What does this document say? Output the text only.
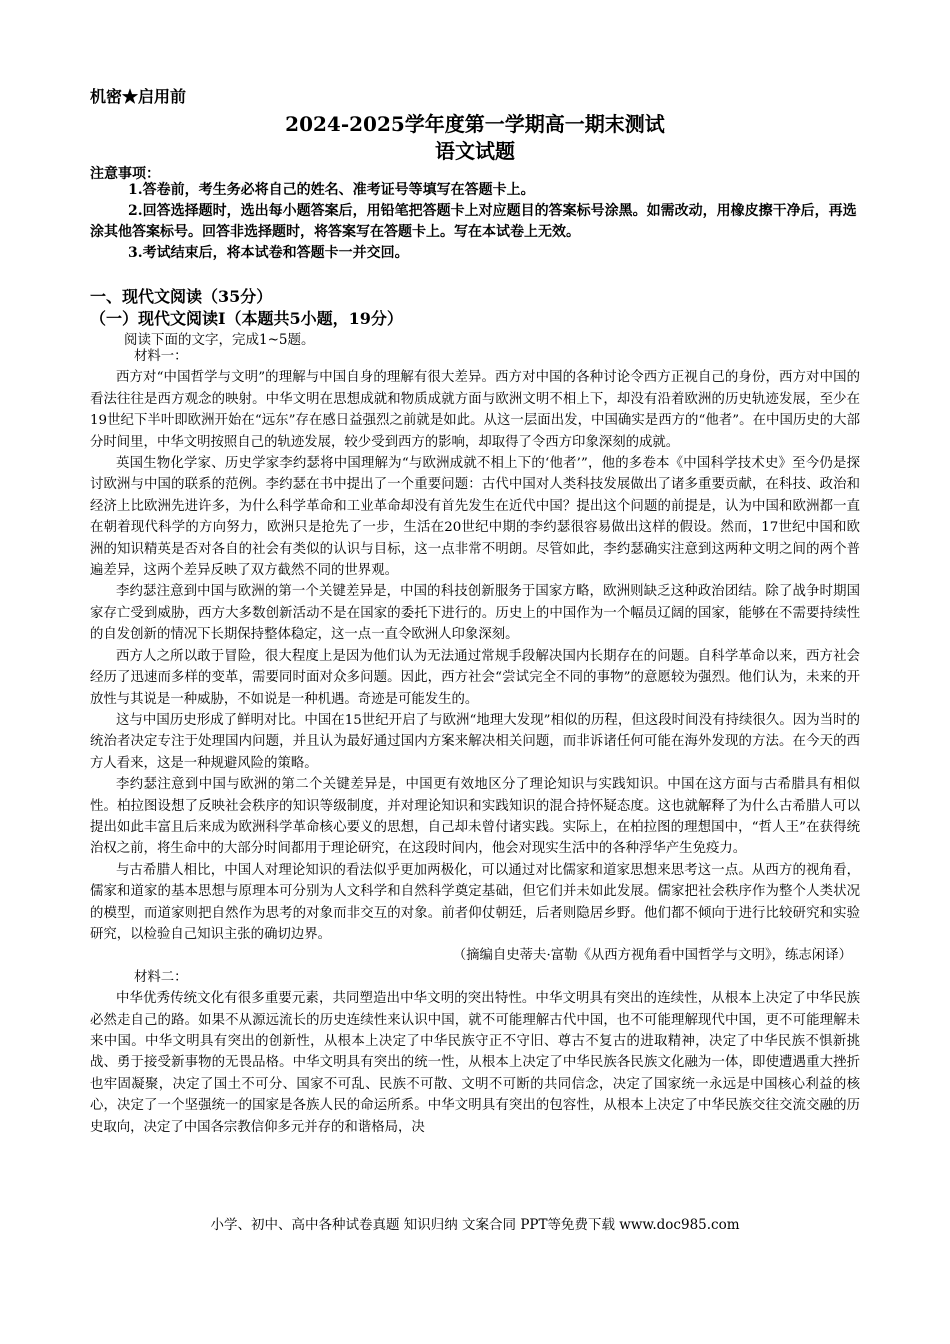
机密★启用前
2024-2025学年度第一学期高一期末测试
语文试题
注意事项：

1.答卷前，考生务必将自己的姓名、准考证号等填写在答题卡上。

2.回答选择题时，选出每小题答案后，用铅笔把答题卡上对应题目的答案标号涂黑。如需改动，用橡皮擦干净后，再选涂其他答案标号。回答非选择题时，将答案写在答题卡上。写在本试卷上无效。

3.考试结束后，将本试卷和答题卡一并交回。

一、现代文阅读（35分）
（一）现代文阅读Ⅰ（本题共5小题，19分）
阅读下面的文字，完成1~5题。

材料一：

西方对“中国哲学与文明”的理解与中国自身的理解有很大差异。西方对中国的各种讨论令西方正视自己的身份，西方对中国的看法往往是西方观念的映射。中华文明在思想成就和物质成就方面与欧洲文明不相上下，却没有沿着欧洲的历史轨迹发展，至少在19世纪下半叶即欧洲开始在“远东”存在感日益强烈之前就是如此。从这一层面出发，中国确实是西方的“他者”。在中国历史的大部分时间里，中华文明按照自己的轨迹发展，较少受到西方的影响，却取得了令西方印象深刻的成就。

英国生物化学家、历史学家李约瑟将中国理解为“与欧洲成就不相上下的‘他者’”，他的多卷本《中国科学技术史》至今仍是探讨欧洲与中国的联系的范例。李约瑟在书中提出了一个重要问题：古代中国对人类科技发展做出了诸多重要贡献，在科技、政治和经济上比欧洲先进许多，为什么科学革命和工业革命却没有首先发生在近代中国？提出这个问题的前提是，认为中国和欧洲都一直在朝着现代科学的方向努力，欧洲只是抢先了一步，生活在20世纪中期的李约瑟很容易做出这样的假设。然而，17世纪中国和欧洲的知识精英是否对各自的社会有类似的认识与目标，这一点非常不明朗。尽管如此，李约瑟确实注意到这两种文明之间的两个普遍差异，这两个差异反映了双方截然不同的世界观。

李约瑟注意到中国与欧洲的第一个关键差异是，中国的科技创新服务于国家方略，欧洲则缺乏这种政治团结。除了战争时期国家存亡受到威胁，西方大多数创新活动不是在国家的委托下进行的。历史上的中国作为一个幅员辽阔的国家，能够在不需要持续性的自发创新的情况下长期保持整体稳定，这一点一直令欧洲人印象深刻。

西方人之所以敢于冒险，很大程度上是因为他们认为无法通过常规手段解决国内长期存在的问题。自科学革命以来，西方社会经历了迅速而多样的变革，需要同时面对众多问题。因此，西方社会“尝试完全不同的事物”的意愿较为强烈。他们认为，未来的开放性与其说是一种威胁，不如说是一种机遇。奇迹是可能发生的。

这与中国历史形成了鲜明对比。中国在15世纪开启了与欧洲“地理大发现”相似的历程，但这段时间没有持续很久。因为当时的统治者决定专注于处理国内问题，并且认为最好通过国内方案来解决相关问题，而非诉诸任何可能在海外发现的方法。在今天的西方人看来，这是一种规避风险的策略。

李约瑟注意到中国与欧洲的第二个关键差异是，中国更有效地区分了理论知识与实践知识。中国在这方面与古希腊具有相似性。柏拉图设想了反映社会秩序的知识等级制度，并对理论知识和实践知识的混合持怀疑态度。这也就解释了为什么古希腊人可以提出如此丰富且后来成为欧洲科学革命核心要义的思想，自己却未曾付诸实践。实际上，在柏拉图的理想国中，“哲人王”在获得统治权之前，将生命中的大部分时间都用于理论研究，在这段时间内，他会对现实生活中的各种浮华产生免疫力。

与古希腊人相比，中国人对理论知识的看法似乎更加两极化，可以通过对比儒家和道家思想来思考这一点。从西方的视角看，儒家和道家的基本思想与原理本可分别为人文科学和自然科学奠定基础，但它们并未如此发展。儒家把社会秩序作为整个人类状况的模型，而道家则把自然作为思考的对象而非交互的对象。前者仰仗朝廷，后者则隐居乡野。他们都不倾向于进行比较研究和实验研究，以检验自己知识主张的确切边界。

（摘编自史蒂夫·富勒《从西方视角看中国哲学与文明》，练志闲译）

材料二：

中华优秀传统文化有很多重要元素，共同塑造出中华文明的突出特性。中华文明具有突出的连续性，从根本上决定了中华民族必然走自己的路。如果不从源远流长的历史连续性来认识中国，就不可能理解古代中国，也不可能理解现代中国，更不可能理解未来中国。中华文明具有突出的创新性，从根本上决定了中华民族守正不守旧、尊古不复古的进取精神，决定了中华民族不惧新挑战、勇于接受新事物的无畏品格。中华文明具有突出的统一性，从根本上决定了中华民族各民族文化融为一体，即使遭遇重大挫折也牢固凝聚，决定了国土不可分、国家不可乱、民族不可散、文明不可断的共同信念，决定了国家统一永远是中国核心利益的核心，决定了一个坚强统一的国家是各族人民的命运所系。中华文明具有突出的包容性，从根本上决定了中华民族交往交流交融的历史取向，决定了中国各宗教信仰多元并存的和谐格局，决

小学、初中、高中各种试卷真题 知识归纳 文案合同 PPT等免费下载 www.doc985.com
